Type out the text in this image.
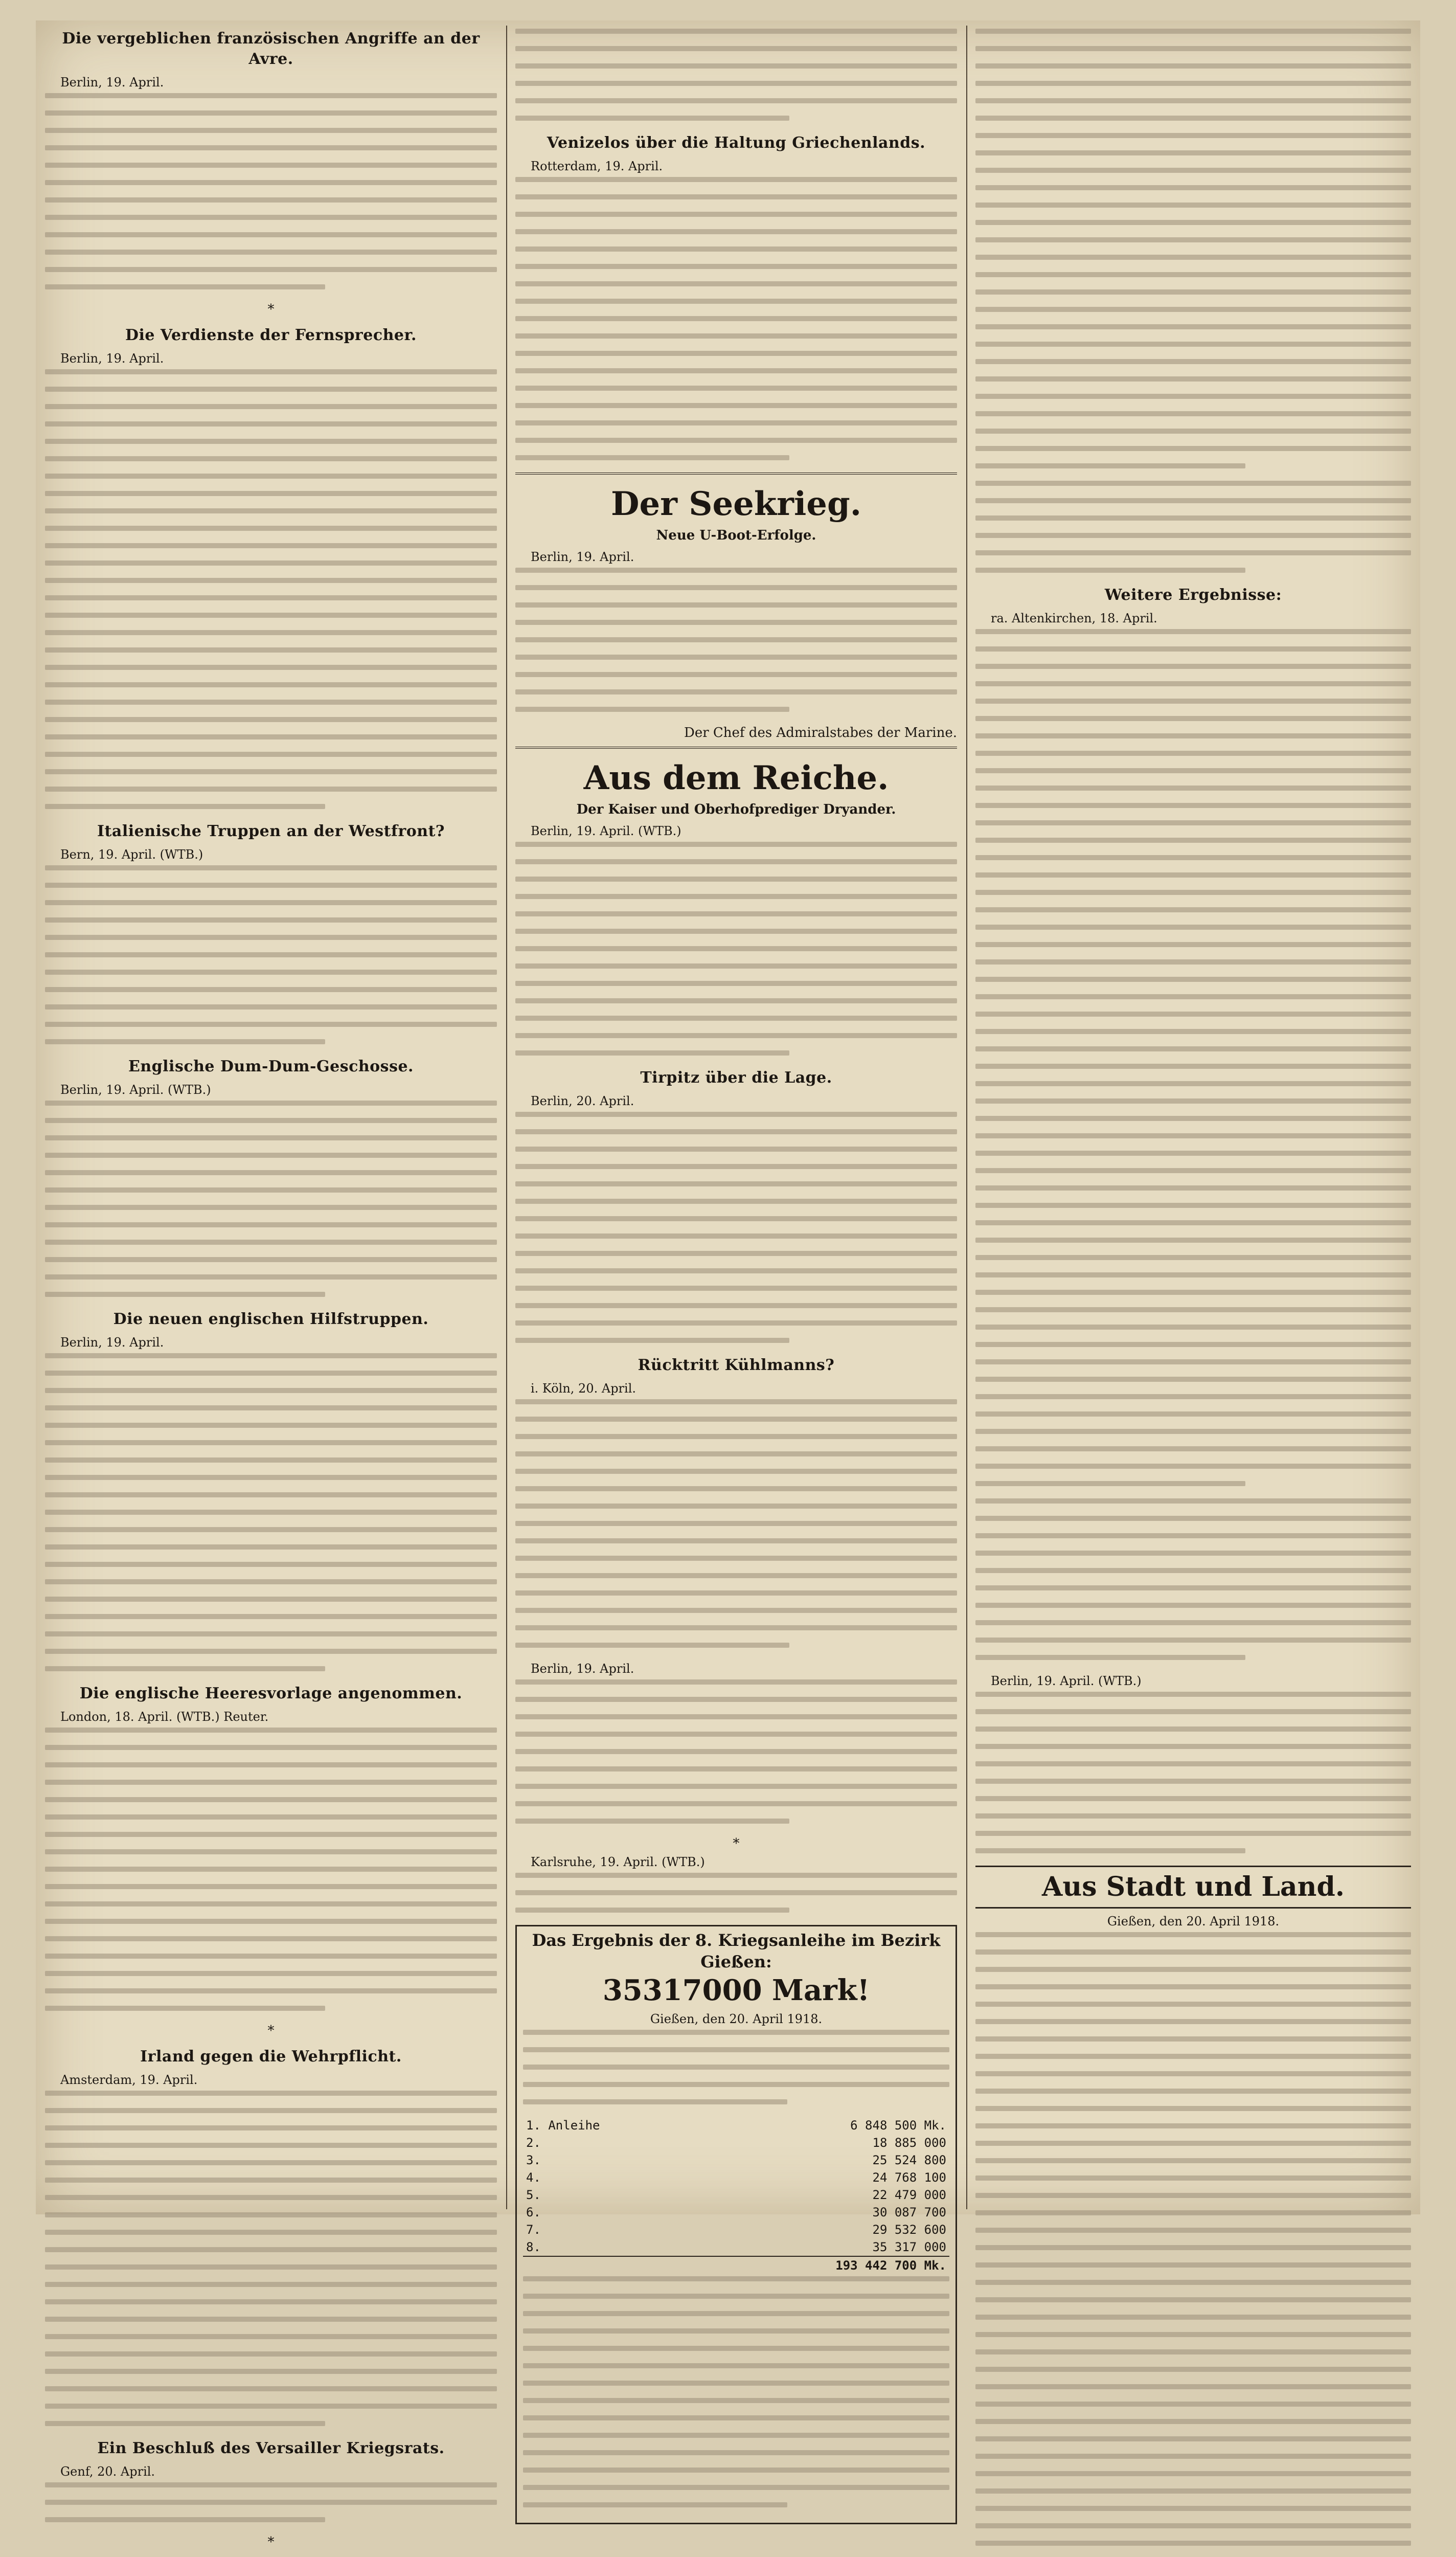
Die vergeblichen französischen Angriffe an der Avre.

Berlin, 19. April.

*
Die Verdienste der Fernsprecher.

Berlin, 19. April.

Italienische Truppen an der Westfront?

Bern, 19. April. (WTB.)

Englische Dum-Dum-Geschosse.

Berlin, 19. April. (WTB.)

Die neuen englischen Hilfstruppen.

Berlin, 19. April.

Die englische Heeresvorlage angenommen.

London, 18. April. (WTB.) Reuter.

*
Irland gegen die Wehrpflicht.

Amsterdam, 19. April.

Ein Beschluß des Versailler Kriegsrats.

Genf, 20. April.

*

Venizelos über die Haltung Griechenlands.

Rotterdam, 19. April.

Der Seekrieg.
Neue U-Boot-Erfolge.

Berlin, 19. April.

Der Chef des Admiralstabes der Marine.
Aus dem Reiche.
Der Kaiser und Oberhofprediger Dryander.

Berlin, 19. April. (WTB.)

Tirpitz über die Lage.

Berlin, 20. April.

Rücktritt Kühlmanns?

i. Köln, 20. April.

Berlin, 19. April.

*

Karlsruhe, 19. April. (WTB.)

Das Ergebnis der 8. Kriegsanleihe im Bezirk Gießen:
35317000 Mark!

Gießen, den 20. April 1918.

1. Anleihe	6 848 500 Mk.
2.	18 885 000
3.	25 524 800
4.	24 768 100
5.	22 479 000
6.	30 087 700
7.	29 532 600
8.	35 317 000
	193 442 700 Mk.
Weitere Ergebnisse:

ra. Altenkirchen, 18. April.

Berlin, 19. April. (WTB.)

Aus Stadt und Land.

Gießen, den 20. April 1918.
